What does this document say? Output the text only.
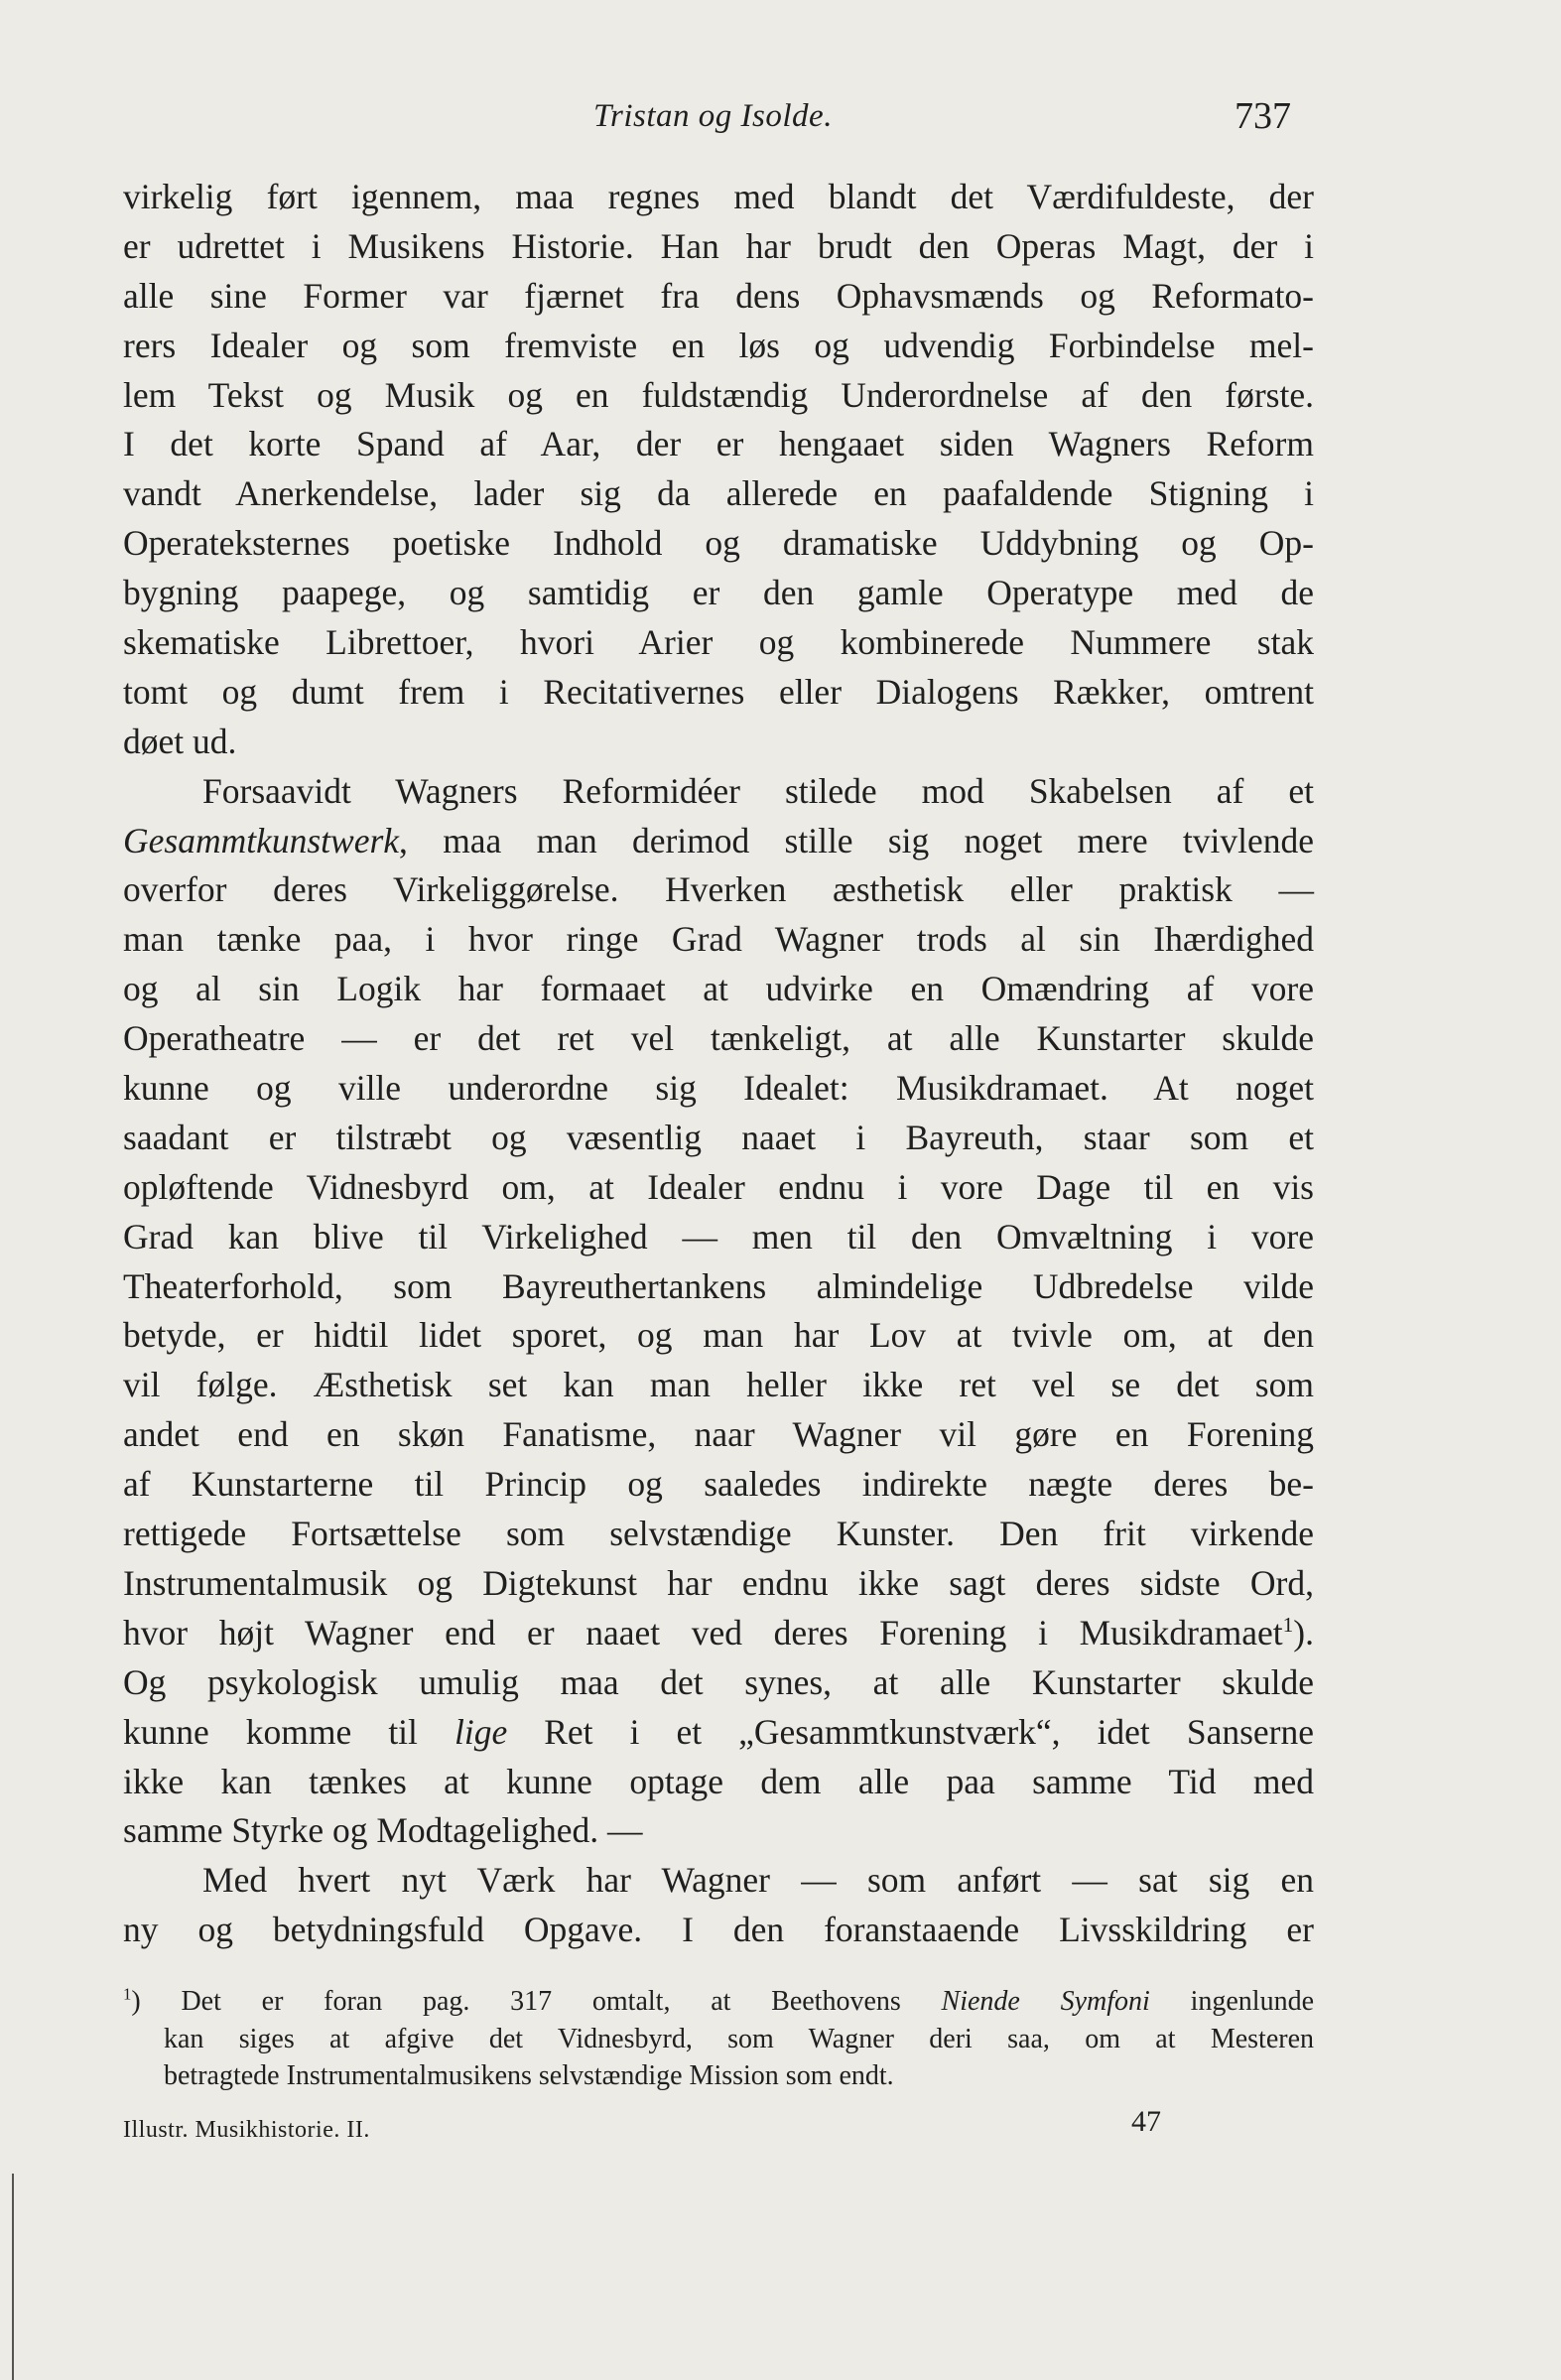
Tristan og Isolde.	737
virkelig ført igennem, maa regnes med blandt det Værdifuldeste, der
er udrettet i Musikens Historie. Han har brudt den Operas Magt, der i
alle sine Former var fjærnet fra dens Ophavsmænds og Reformato-
rers Idealer og som fremviste en løs og udvendig Forbindelse mel-
lem Tekst og Musik og en fuldstændig Underordnelse af den første.
I det korte Spand af Aar, der er hengaaet siden Wagners Reform
vandt Anerkendelse, lader sig da allerede en paafaldende Stigning i
Operateksternes poetiske Indhold og dramatiske Uddybning og Op-
bygning paapege, og samtidig er den gamle Operatype med de
skematiske Librettoer, hvori Arier og kombinerede Nummere stak
tomt og dumt frem i Recitativernes eller Dialogens Rækker, omtrent
døet ud.
Forsaavidt Wagners Reformidéer stilede mod Skabelsen af et
Gesammtkunstwerk, maa man derimod stille sig noget mere tvivlende
overfor deres Virkeliggørelse. Hverken æsthetisk eller praktisk —
man tænke paa, i hvor ringe Grad Wagner trods al sin Ihærdighed
og al sin Logik har formaaet at udvirke en Omændring af vore
Operatheatre — er det ret vel tænkeligt, at alle Kunstarter skulde
kunne og ville underordne sig Idealet: Musikdramaet. At noget
saadant er tilstræbt og væsentlig naaet i Bayreuth, staar som et
opløftende Vidnesbyrd om, at Idealer endnu i vore Dage til en vis
Grad kan blive til Virkelighed — men til den Omvæltning i vore
Theaterforhold, som Bayreuthertankens almindelige Udbredelse vilde
betyde, er hidtil lidet sporet, og man har Lov at tvivle om, at den
vil følge. Æsthetisk set kan man heller ikke ret vel se det som
andet end en skøn Fanatisme, naar Wagner vil gøre en Forening
af Kunstarterne til Princip og saaledes indirekte nægte deres be-
rettigede Fortsættelse som selvstændige Kunster. Den frit virkende
Instrumentalmusik og Digtekunst har endnu ikke sagt deres sidste Ord,
hvor højt Wagner end er naaet ved deres Forening i Musikdramaet$^1$).
Og psykologisk umulig maa det synes, at alle Kunstarter skulde
kunne komme til lige Ret i et „Gesammtkunstværk“, idet Sanserne
ikke kan tænkes at kunne optage dem alle paa samme Tid med
samme Styrke og Modtagelighed. —
Med hvert nyt Værk har Wagner — som anført — sat sig en
ny og betydningsfuld Opgave. I den foranstaaende Livsskildring er
$^1$) Det er foran pag. 317 omtalt, at Beethovens Niende Symfoni ingenlunde
kan siges at afgive det Vidnesbyrd, som Wagner deri saa, om at Mesteren
betragtede Instrumentalmusikens selvstændige Mission som endt.
Illustr. Musikhistorie. II.	47
